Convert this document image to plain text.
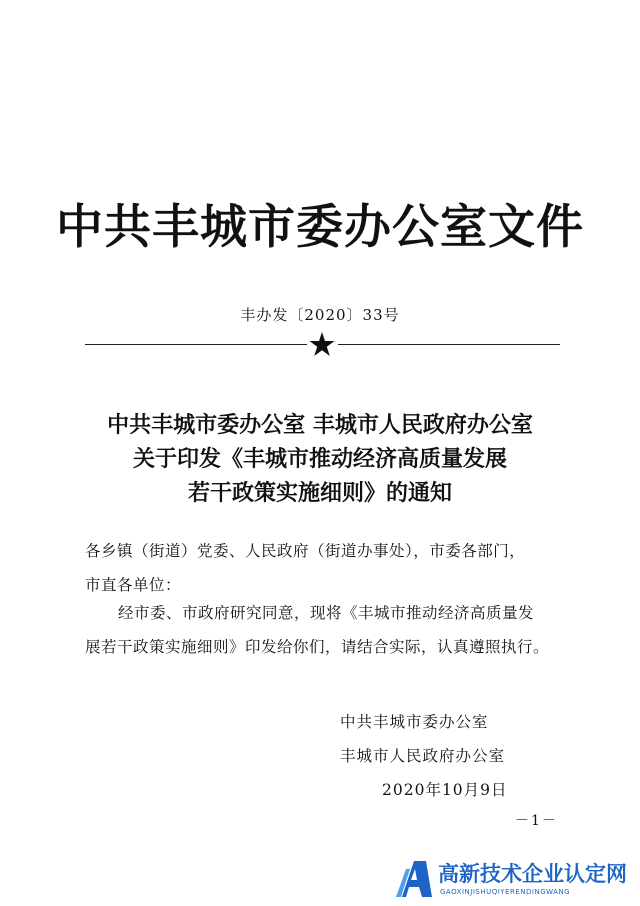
中共丰城市委办公室文件
丰办发〔2020〕33号
中共丰城市委办公室 丰城市人民政府办公室
关于印发《丰城市推动经济高质量发展
若干政策实施细则》的通知
各乡镇（街道）党委、人民政府（街道办事处），市委各部门，
市直各单位：
经市委、市政府研究同意，现将《丰城市推动经济高质量发
展若干政策实施细则》印发给你们，请结合实际，认真遵照执行。
中共丰城市委办公室
丰城市人民政府办公室
2020年10月9日
－1－
高新技术企业认定网
GAOXINJISHUQIYERENDINGWANG
